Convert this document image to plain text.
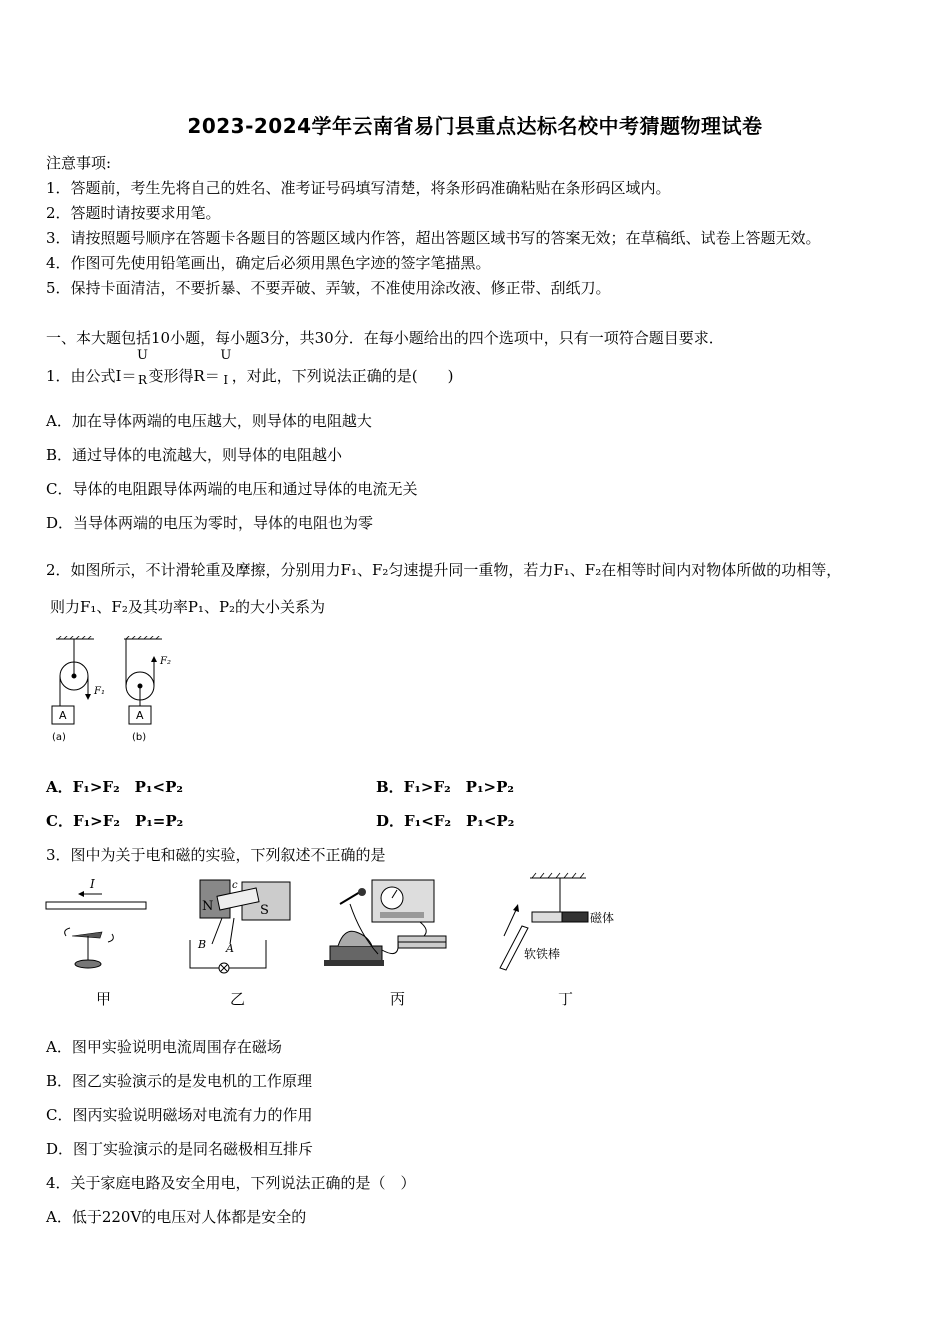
2023-2024学年云南省易门县重点达标名校中考猜题物理试卷
注意事项:
1．答题前，考生先将自己的姓名、准考证号码填写清楚，将条形码准确粘贴在条形码区域内。
2．答题时请按要求用笔。
3．请按照题号顺序在答题卡各题目的答题区域内作答，超出答题区域书写的答案无效；在草稿纸、试卷上答题无效。
4．作图可先使用铅笔画出，确定后必须用黑色字迹的签字笔描黑。
5．保持卡面清洁，不要折暴、不要弄破、弄皱，不准使用涂改液、修正带、刮纸刀。
一、本大题包括10小题，每小题3分，共30分．在每小题给出的四个选项中，只有一项符合题目要求．
1．由公式I＝
U
$_R$变形得R＝
U
$_I$ ，对此，下列说法正确的是(　　)
A．加在导体两端的电压越大，则导体的电阻越大
B．通过导体的电流越大，则导体的电阻越小
C．导体的电阻跟导体两端的电压和通过导体的电流无关
D．当导体两端的电压为零时，导体的电阻也为零
2．如图所示，不计滑轮重及摩擦，分别用力F₁、F₂匀速提升同一重物，若力F₁、F₂在相等时间内对物体所做的功相等，
则力F₁、F₂及其功率P₁、P₂的大小关系为
A	A
F₁
F₂
(a)	(b)
A．F₁>F₂　P₁<P₂	B．F₁>F₂　P₁>P₂
C．F₁>F₂　P₁=P₂	D．F₁<F₂　P₁<P₂
3．图中为关于电和磁的实验，下列叙述不正确的是
I
甲
N	S
c
B A
乙	丙
磁体
软铁棒
丁
A．图甲实验说明电流周围存在磁场
B．图乙实验演示的是发电机的工作原理
C．图丙实验说明磁场对电流有力的作用
D．图丁实验演示的是同名磁极相互排斥
4．关于家庭电路及安全用电，下列说法正确的是（　）
A．低于220V的电压对人体都是安全的
